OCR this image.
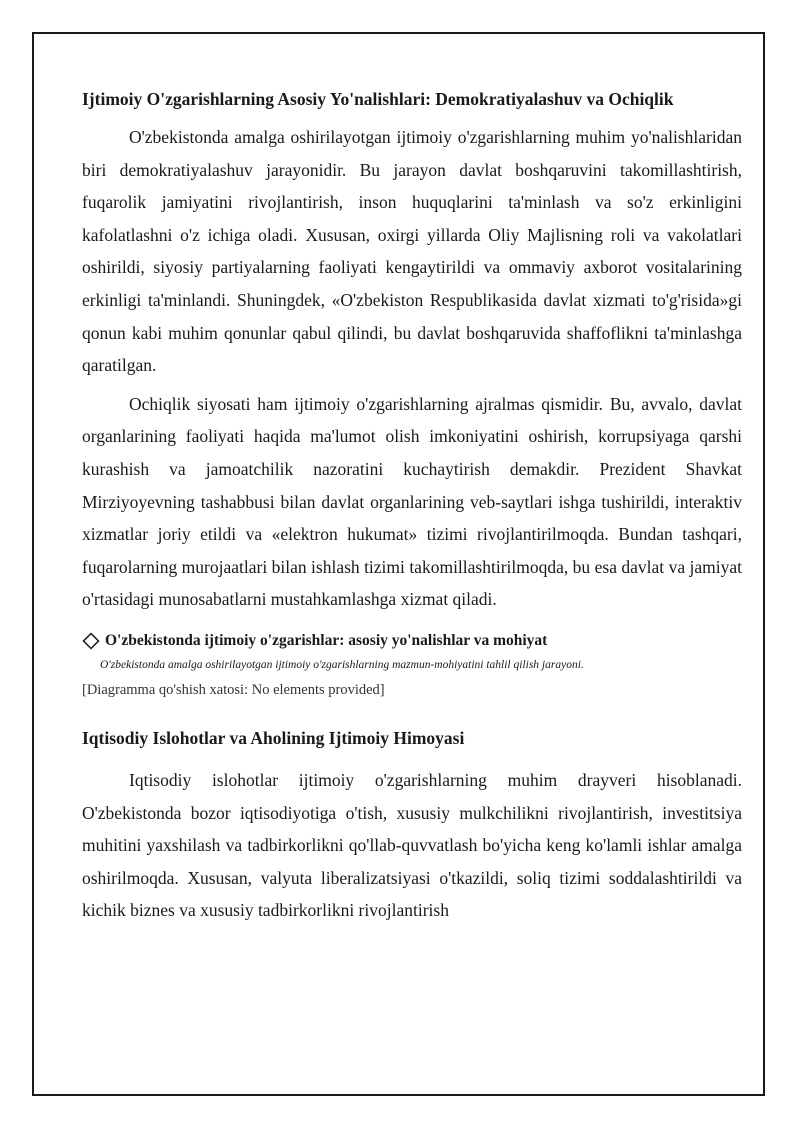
Ijtimoiy O'zgarishlarning Asosiy Yo'nalishlari: Demokratiyalashuv va Ochiqlik

O'zbekistonda amalga oshirilayotgan ijtimoiy o'zgarishlarning muhim yo'nalishlaridan biri demokratiyalashuv jarayonidir. Bu jarayon davlat boshqaruvini takomillashtirish, fuqarolik jamiyatini rivojlantirish, inson huquqlarini ta'minlash va so'z erkinligini kafolatlashni o'z ichiga oladi. Xususan, oxirgi yillarda Oliy Majlisning roli va vakolatlari oshirildi, siyosiy partiyalarning faoliyati kengaytirildi va ommaviy axborot vositalarining erkinligi ta'minlandi. Shuningdek, «O'zbekiston Respublikasida davlat xizmati to'g'risida»gi qonun kabi muhim qonunlar qabul qilindi, bu davlat boshqaruvida shaffoflikni ta'minlashga qaratilgan.

Ochiqlik siyosati ham ijtimoiy o'zgarishlarning ajralmas qismidir. Bu, avvalo, davlat organlarining faoliyati haqida ma'lumot olish imkoniyatini oshirish, korrupsiyaga qarshi kurashish va jamoatchilik nazoratini kuchaytirish demakdir. Prezident Shavkat Mirziyoyevning tashabbusi bilan davlat organlarining veb-saytlari ishga tushirildi, interaktiv xizmatlar joriy etildi va «elektron hukumat» tizimi rivojlantirilmoqda. Bundan tashqari, fuqarolarning murojaatlari bilan ishlash tizimi takomillashtirilmoqda, bu esa davlat va jamiyat o'rtasidagi munosabatlarni mustahkamlashga xizmat qiladi.

O'zbekistonda ijtimoiy o'zgarishlar: asosiy yo'nalishlar va mohiyat
O'zbekistonda amalga oshirilayotgan ijtimoiy o'zgarishlarning mazmun-mohiyatini tahlil qilish jarayoni.
[Diagramma qo'shish xatosi: No elements provided]
Iqtisodiy Islohotlar va Aholining Ijtimoiy Himoyasi

Iqtisodiy islohotlar ijtimoiy o'zgarishlarning muhim drayveri hisoblanadi. O'zbekistonda bozor iqtisodiyotiga o'tish, xususiy mulkchilikni rivojlantirish, investitsiya muhitini yaxshilash va tadbirkorlikni qo'llab-quvvatlash bo'yicha keng ko'lamli ishlar amalga oshirilmoqda. Xususan, valyuta liberalizatsiyasi o'tkazildi, soliq tizimi soddalashtirildi va kichik biznes va xususiy tadbirkorlikni rivojlantirish
